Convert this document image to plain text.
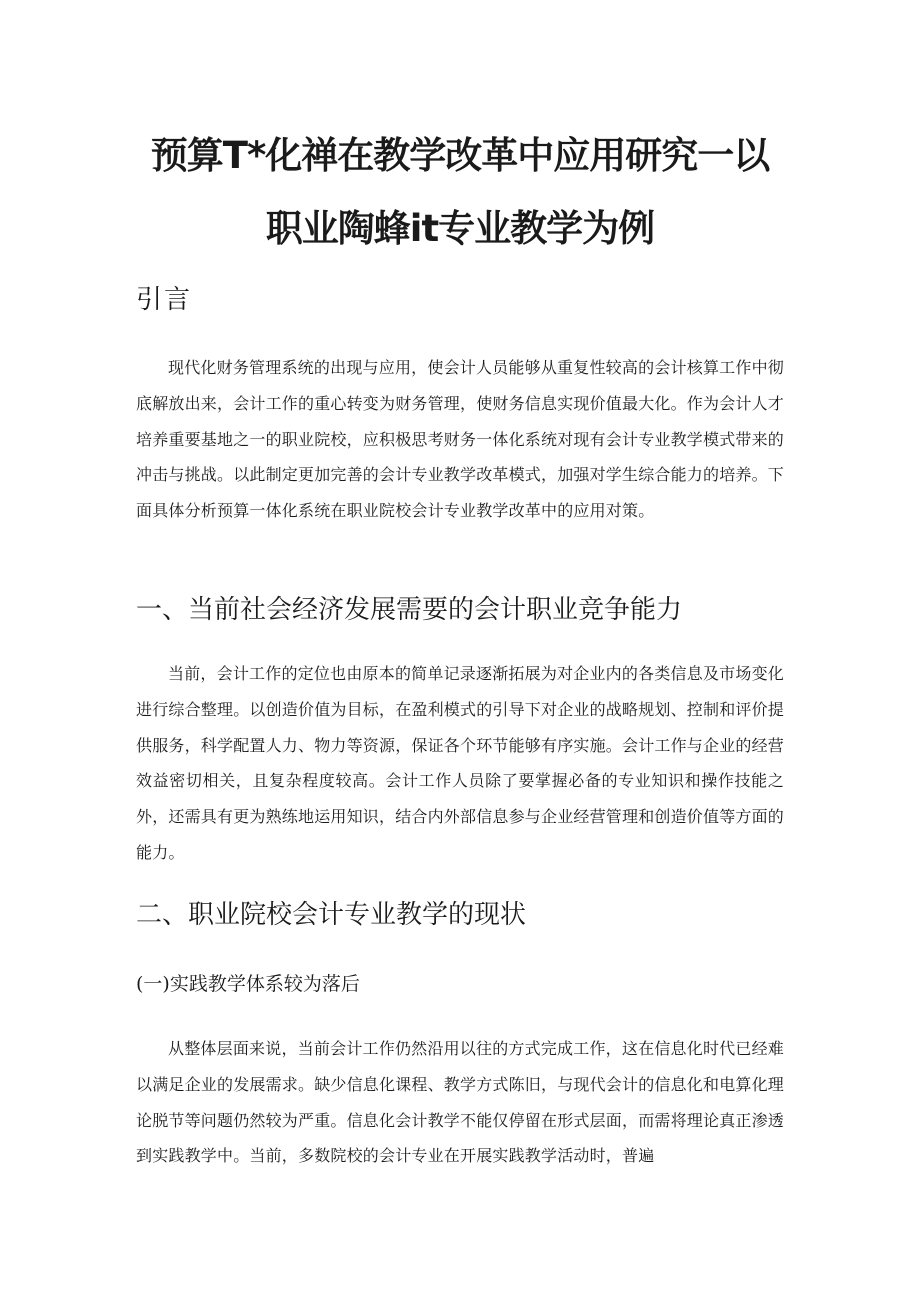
预算T*化禅在教学改革中应用研究一以
职业陶蜂it专业教学为例
引言
现代化财务管理系统的出现与应用，使会计人员能够从重复性较高的会计核算工作中彻底解放出来，会计工作的重心转变为财务管理，使财务信息实现价值最大化。作为会计人才培养重要基地之一的职业院校，应积极思考财务一体化系统对现有会计专业教学模式带来的冲击与挑战。以此制定更加完善的会计专业教学改革模式，加强对学生综合能力的培养。下面具体分析预算一体化系统在职业院校会计专业教学改革中的应用对策。
一、当前社会经济发展需要的会计职业竞争能力
当前，会计工作的定位也由原本的简单记录逐渐拓展为对企业内的各类信息及市场变化进行综合整理。以创造价值为目标，在盈利模式的引导下对企业的战略规划、控制和评价提供服务，科学配置人力、物力等资源，保证各个环节能够有序实施。会计工作与企业的经营效益密切相关，且复杂程度较高。会计工作人员除了要掌握必备的专业知识和操作技能之外，还需具有更为熟练地运用知识，结合内外部信息参与企业经营管理和创造价值等方面的能力。
二、职业院校会计专业教学的现状
(一)实践教学体系较为落后
从整体层面来说，当前会计工作仍然沿用以往的方式完成工作，这在信息化时代已经难以满足企业的发展需求。缺少信息化课程、教学方式陈旧，与现代会计的信息化和电算化理论脱节等问题仍然较为严重。信息化会计教学不能仅停留在形式层面，而需将理论真正渗透到实践教学中。当前，多数院校的会计专业在开展实践教学活动时，普遍
